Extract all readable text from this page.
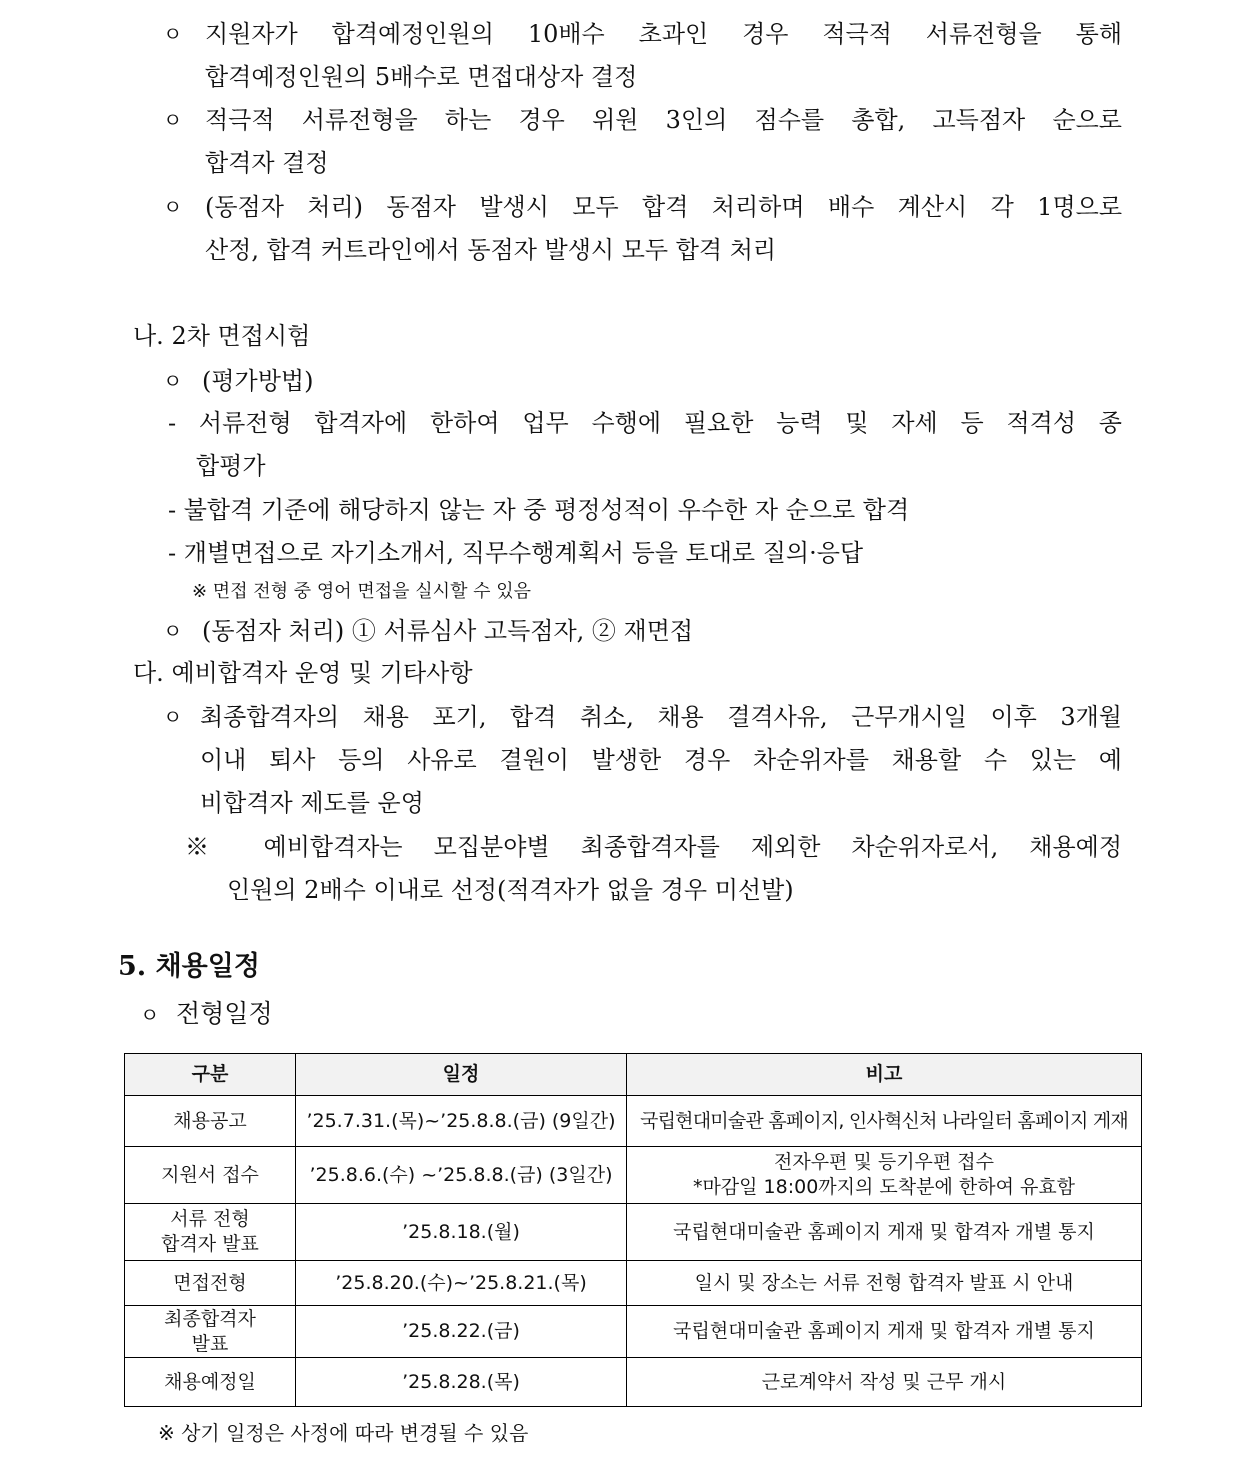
ㅇ 지원자가 합격예정인원의 10배수 초과인 경우 적극적 서류전형을 통해
합격예정인원의 5배수로 면접대상자 결정
ㅇ 적극적 서류전형을 하는 경우 위원 3인의 점수를 총합, 고득점자 순으로
합격자 결정
ㅇ (동점자 처리) 동점자 발생시 모두 합격 처리하며 배수 계산시 각 1명으로
산정, 합격 커트라인에서 동점자 발생시 모두 합격 처리
나. 2차 면접시험
ㅇ (평가방법)
- 서류전형 합격자에 한하여 업무 수행에 필요한 능력 및 자세 등 적격성 종
합평가
- 불합격 기준에 해당하지 않는 자 중 평정성적이 우수한 자 순으로 합격
- 개별면접으로 자기소개서, 직무수행계획서 등을 토대로 질의·응답
※ 면접 전형 중 영어 면접을 실시할 수 있음
ㅇ (동점자 처리) ① 서류심사 고득점자, ② 재면접
다. 예비합격자 운영 및 기타사항
ㅇ 최종합격자의 채용 포기, 합격 취소, 채용 결격사유, 근무개시일 이후 3개월
이내 퇴사 등의 사유로 결원이 발생한 경우 차순위자를 채용할 수 있는 예
비합격자 제도를 운영
※ 예비합격자는 모집분야별 최종합격자를 제외한 차순위자로서, 채용예정
인원의 2배수 이내로 선정(적격자가 없을 경우 미선발)
5. 채용일정
ㅇ 전형일정
구분	일정	비고
채용공고	’25.7.31.(목)~’25.8.8.(금) (9일간)	국립현대미술관 홈페이지, 인사혁신처 나라일터 홈페이지 게재
지원서 접수	’25.8.6.(수) ~’25.8.8.(금) (3일간)	전자우편 및 등기우편 접수
*마감일 18:00까지의 도착분에 한하여 유효함

서류 전형
합격자 발표	’25.8.18.(월)	국립현대미술관 홈페이지 게재 및 합격자 개별 통지
면접전형	’25.8.20.(수)~’25.8.21.(목)	일시 및 장소는 서류 전형 합격자 발표 시 안내

최종합격자
발표	’25.8.22.(금)	국립현대미술관 홈페이지 게재 및 합격자 개별 통지
채용예정일	’25.8.28.(목)	근로계약서 작성 및 근무 개시
※ 상기 일정은 사정에 따라 변경될 수 있음
